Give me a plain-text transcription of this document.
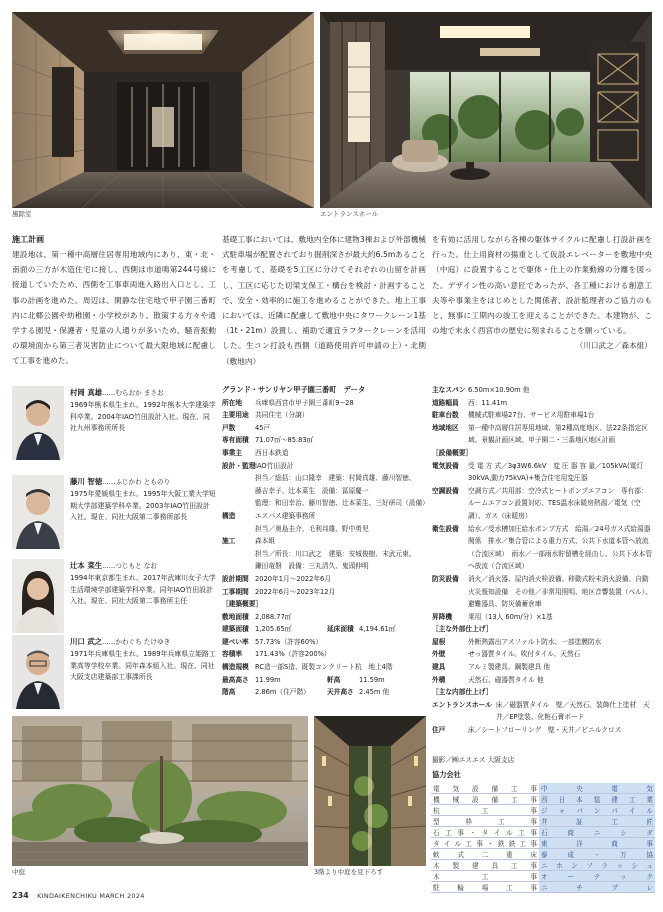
風除室	エントランスホール
施工計画
建設地は、第一種中高層住居専用地域内にあり、東・北・南面の三方が木造住宅に接し、西側は市道鳴第244号線に接道していたため、西側を工事車両進入路出入口とし、工事の計画を進めた。周辺は、閑静な住宅地で甲子園三番町内に北郷公園や幼稚園・小学校があり、散策する方々や通学する園児・保護者・児童の人通りが多いため、騒音振動の環境面から第三者災害防止について最大限地域に配慮して工事を進めた。
基礎工事においては、敷地内全体に建物3棟および外部機械式駐車場が配置されており掘削深さが最大約6.5mあることを考慮して、基礎を5工区に分けてそれぞれの山留を計画し、工区に応じた切梁支保工・構台を検討・計画することで、安全・効率的に施工を進めることができた。地上工事においては、近隣に配慮して敷地中央にタワークレーン1基（1t・21m）設置し、補助で適宜ラフタークレーンを活用した。生コン打設も西側（道路使用許可申請の上）・北側（敷地内）
を有効に活用しながら各棟の躯体サイクルに配慮し打設計画を行った。仕上用資材の揚重として仮設エレベーターを敷地中央（中庭）に設置することで躯体・仕上の作業動線の分離を図った。デザイン性の高い意匠であったが、各工種における創意工夫等や事業主をはじめとした関係者、設計監理者のご協力のもと、無事に工期内の竣工を迎えることができた。本建物が、この地で末永く西宮市の歴史に刻まれることを願っている。
（川口武之／森本組）
村岡 真雄……むらおか まさお
1969年熊本県生まれ。1992年熊本大学建築学科卒業。2004年IAO竹田設計入社。現在、同社九州事務所所長
藤川 智徳……ふじかわ とものり
1975年愛媛県生まれ。1995年大阪工業大学短期大学部建築学科卒業。2003年IAO竹田設計入社。現在、同社大阪第二事務所部長
辻本 菜生……つじもと なお
1994年東京都生まれ。2017年武庫川女子大学生活環境学部建築学科卒業。同年IAO竹田設計入社。現在、同社大阪第二事務所主任
川口 武之……かわぐち たけゆき
1971年兵庫県生まれ。1989年兵庫県立姫路工業高等学校卒業。同年森本組入社。現在、同社大阪支店建築部工事課所長
グランド・サンリヤン甲子園三番町　データ
所在地	兵庫県西宮市甲子園三番町9−28
主要用途 共同住宅（分譲）
戸数	45戸
専有面積 71.07㎡〜85.83㎡
事業主	西日本鉄道
設計・監理 IAO竹田設計
担当／総括：山口隆幸　建築：村岡真雄、藤川智徳、
藤吉幸子、辻本菜生　設備：冨原慶一
監理：和田幸治、藤川智徳、辻本菜生、三好研司（設備）
構造	エスパス建築事務所
担当／奥島圭介、毛利邦雄、野中勇児
施工	森本組
担当／所長：川口武之　建築：安城俊樹、末武元東、
鎌田竜磐　設備：三丸清久、鬼頭伸明
設計期間 2020年1月〜2022年6月
工事期間 2022年6月〜2023年12月
［建築概要］
敷地面積 2,088.77㎡
建築面積 1,205.65㎡	延床面積 4,194.61㎡
建ぺい率 57.73%（許容60%）
容積率	171.43%（許容200%）
構造規模 RC造一部S造、既製コンクリート杭　地上4階
最高高さ 11.99m	軒高	11.59m
階高	2.86m（住戸階）	天井高さ 2.45m 他
主なスパン 6.50m×10.90m 他
道路幅員	西：11.41m
駐車台数	機械式駐車場27台、サービス用駐車場1台
地域地区	第一種中高層住居専用地域、第2種高度地区、法22条指定区域、景観計画区域、甲子園二・三番地区地区計画
［設備概要］
電気設備	受 電 方 式／3φ3W6.6kV　変 圧 器 容 量／105kVA(電灯30kVA,動力75kVA)+集合住宅用変圧器
空調設備	空調方式／共用部：空冷式ヒートポンプエアコン　専有部：ルームエアコン設置対応、TES温水床暖房熱源／電気（空調）、ガス（床暖房）
衛生設備	給水／受水槽加圧給水ポンプ方式　給湯／24号ガス式給湯器関係　排水／集合管による重力方式、公共下水道本管へ放流（合流区域）　雨水／一部雨水貯留槽を経由し、公共下水本管へ放流（合流区域）
防災設備	消火／消火器、屋内消火栓設備、移動式粉末消火設備、自動火災報知設備　その他／非常用照明、地区音響装置（ベル）、避難器具、防災備蓄倉庫
昇降機	乗用（13人 60m/分）×1基
［主な外部仕上げ］
屋根	外断熱露出アスファルト防水、一部塗膜防水
外壁	せっ器質タイル、吹付タイル、天然石
建具	アルミ製建具、鋼製建具 他
外構	天然石、磁器質タイル 他
［主な内部仕上げ］
エントランスホール 床／磁器質タイル　壁／天然石、装飾仕上塗材　天井／EP塗装、化粧石膏ボード
住戸	床／シートフローリング　壁・天井／ビニルクロス
撮影／㈱エスエス 大阪支店
協力会社
電気設備工事	中央電気
機械設備工事	西日本装建工業
杭工事	ジャパンパイル
型枠工事	井証工匠
石工事・タイル工事	石商ニシダ
タイル工事・鉄鉄工事	東洋商事
軟式二重床	泰成・万協
木製建具工事	ニホンフラッシュ
木工事	オーテック
駐輪場工事	ニチプレ
中庭	3階より中庭を見下ろす
234 KINDAIKENCHIKU MARCH 2024
